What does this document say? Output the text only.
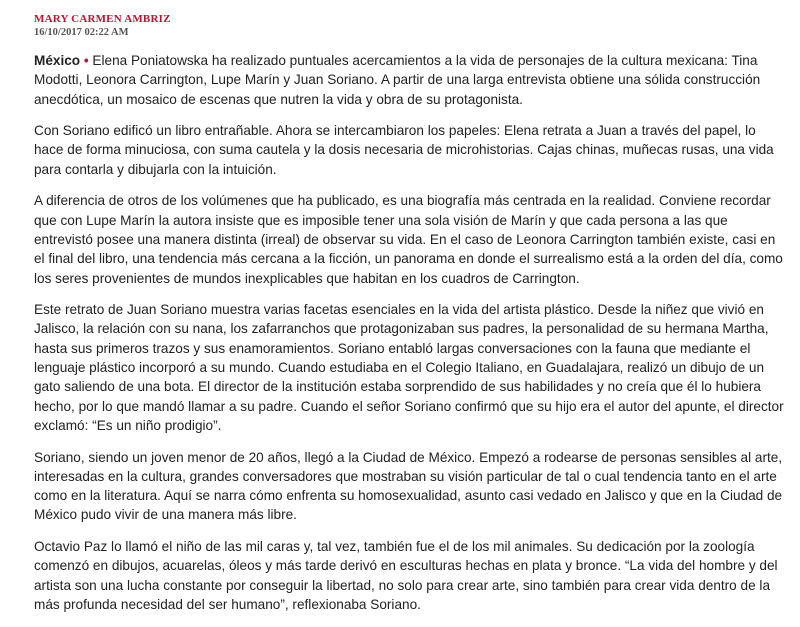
MARY CARMEN AMBRIZ
16/10/2017 02:22 AM

México • Elena Poniatowska ha realizado puntuales acercamientos a la vida de personajes de la cultura mexicana: Tina Modotti, Leonora Carrington, Lupe Marín y Juan Soriano. A partir de una larga entrevista obtiene una sólida construcción anecdótica, un mosaico de escenas que nutren la vida y obra de su protagonista.

Con Soriano edificó un libro entrañable. Ahora se intercambiaron los papeles: Elena retrata a Juan a través del papel, lo hace de forma minuciosa, con suma cautela y la dosis necesaria de microhistorias. Cajas chinas, muñecas rusas, una vida para contarla y dibujarla con la intuición.

A diferencia de otros de los volúmenes que ha publicado, es una biografía más centrada en la realidad. Conviene recordar que con Lupe Marín la autora insiste que es imposible tener una sola visión de Marín y que cada persona a las que entrevistó posee una manera distinta (irreal) de observar su vida. En el caso de Leonora Carrington también existe, casi en el final del libro, una tendencia más cercana a la ficción, un panorama en donde el surrealismo está a la orden del día, como los seres provenientes de mundos inexplicables que habitan en los cuadros de Carrington.

Este retrato de Juan Soriano muestra varias facetas esenciales en la vida del artista plástico. Desde la niñez que vivió en Jalisco, la relación con su nana, los zafarranchos que protagonizaban sus padres, la personalidad de su hermana Martha, hasta sus primeros trazos y sus enamoramientos. Soriano entabló largas conversaciones con la fauna que mediante el lenguaje plástico incorporó a su mundo. Cuando estudiaba en el Colegio Italiano, en Guadalajara, realizó un dibujo de un gato saliendo de una bota. El director de la institución estaba sorprendido de sus habilidades y no creía que él lo hubiera hecho, por lo que mandó llamar a su padre. Cuando el señor Soriano confirmó que su hijo era el autor del apunte, el director exclamó: “Es un niño prodigio”.

Soriano, siendo un joven menor de 20 años, llegó a la Ciudad de México. Empezó a rodearse de personas sensibles al arte, interesadas en la cultura, grandes conversadores que mostraban su visión particular de tal o cual tendencia tanto en el arte como en la literatura. Aquí se narra cómo enfrenta su homosexualidad, asunto casi vedado en Jalisco y que en la Ciudad de México pudo vivir de una manera más libre.

Octavio Paz lo llamó el niño de las mil caras y, tal vez, también fue el de los mil animales. Su dedicación por la zoología comenzó en dibujos, acuarelas, óleos y más tarde derivó en esculturas hechas en plata y bronce. “La vida del hombre y del artista son una lucha constante por conseguir la libertad, no solo para crear arte, sino también para crear vida dentro de la más profunda necesidad del ser humano”, reflexionaba Soriano.
